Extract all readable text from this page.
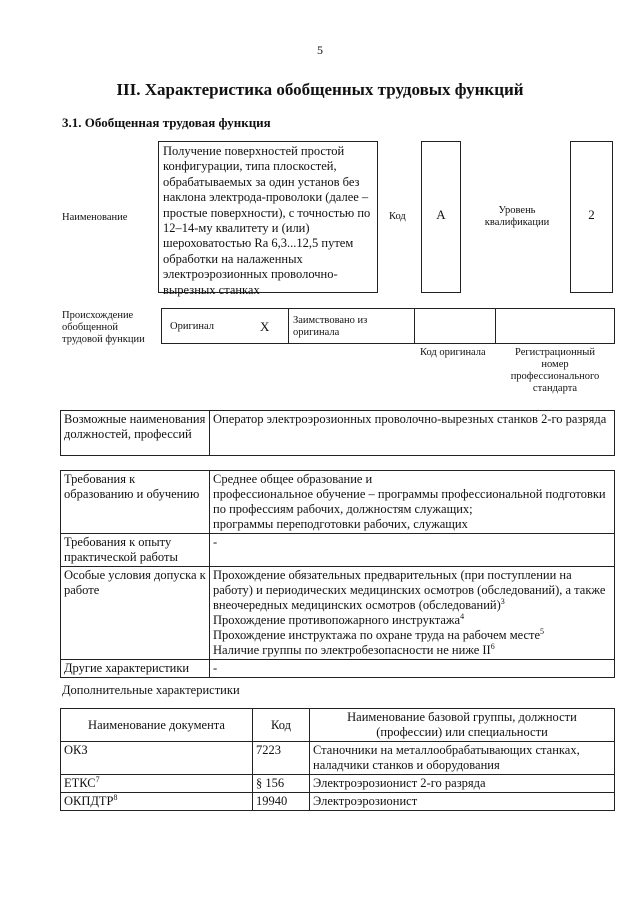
5
III. Характеристика обобщенных трудовых функций
3.1. Обобщенная трудовая функция
Наименование
Получение поверхностей простой конфигурации, типа плоскостей, обрабатываемых за один установ без наклона электрода-проволоки (далее – простые поверхности), с точностью по 12–14-му квалитету и (или) шероховатостью Ra 6,3...12,5 путем обработки на налаженных электроэрозионных проволочно-вырезных станках
Код	А	Уровень квалификации
2
Происхождение обобщенной трудовой функции
Оригинал	Х Заимствовано из оригинала
Код оригинала	Регистрационный номер профессионального стандарта
Возможные наименования должностей, профессий	Оператор электроэрозионных проволочно-вырезных станков 2-го разряда
Требования к образованию и обучению	Среднее общее образование и
профессиональное обучение – программы профессиональной подготовки по профессиям рабочих, должностям служащих;
программы переподготовки рабочих, служащих

Требования к опыту практической работы	-
Особые условия допуска к работе	Прохождение обязательных предварительных (при поступлении на работу) и периодических медицинских осмотров (обследований), а также внеочередных медицинских осмотров (обследований)$^3$
Прохождение противопожарного инструктажа$^4$
Прохождение инструктажа по охране труда на рабочем месте$^5$
Наличие группы по электробезопасности не ниже $II^6$

Другие характеристики	-
Дополнительные характеристики
Наименование документа	Код	Наименование базовой группы, должности (профессии) или специальности
ОКЗ	7223	Станочники на металлообрабатывающих станках, наладчики станков и оборудования
ЕТКС$^7$	§ 156	Электроэрозионист 2-го разряда
ОКПДТР$^8$	19940	Электроэрозионист
